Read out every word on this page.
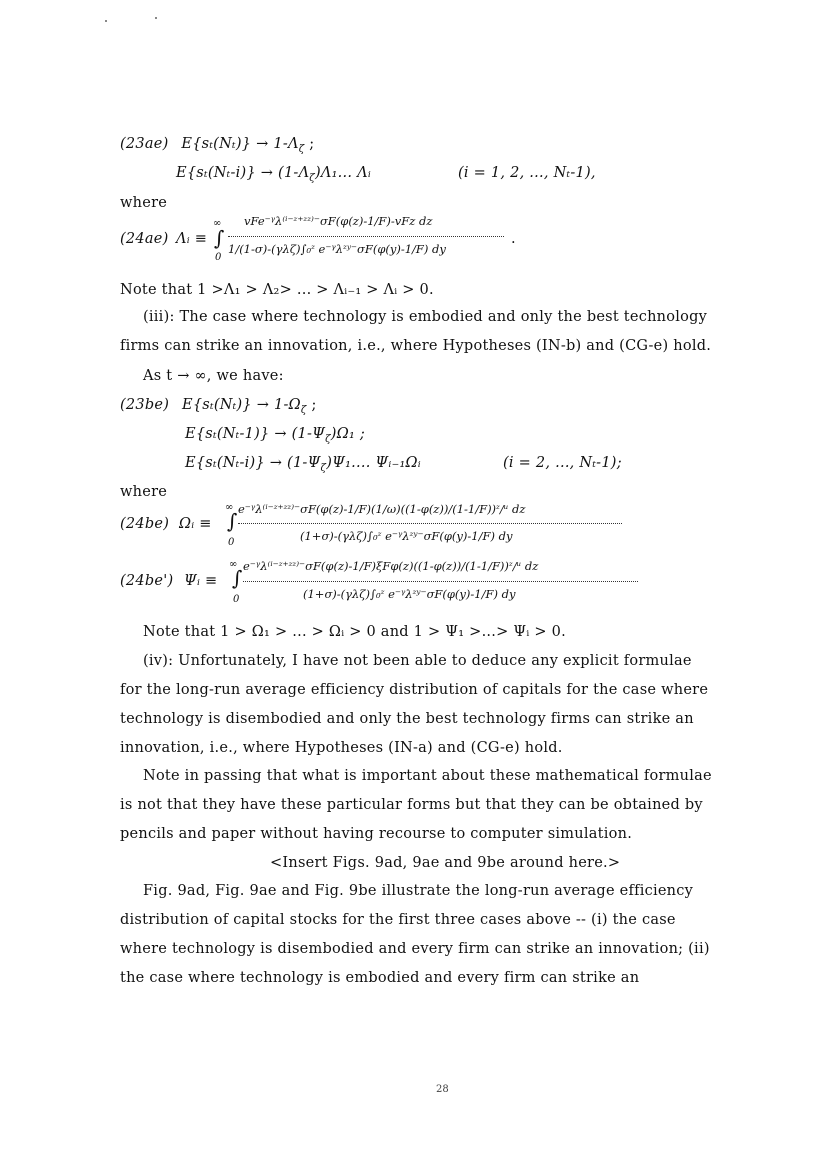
(23ae) $E\{s_t(N_t)\} \to 1-\Lambda_\zeta$ ;
$E\{s_t(N_t-i)\} \to (1-\Lambda_\zeta)\Lambda_1$... Λᵢ	(i = 1, 2, ..., Nₜ-1),
where
(24ae) Λᵢ ≡ ∫
∞
0
vFe⁻ᵞλ⁽ⁱ⁻ᶻ⁺ᶻᶻ⁾⁻σF(φ(z)-1/F)-vFz dz
1/(1-σ)-(γλζ)∫₀ᶻ e⁻ᵞλᶻʸ⁻σF(φ(y)-1/F) dy
.
Note that 1 >Λ₁ > Λ₂> ... > Λᵢ₋₁ > Λᵢ > 0.
(iii): The case where technology is embodied and only the best technology
firms can strike an innovation, i.e., where Hypotheses (IN-b) and (CG-e) hold.
As t → ∞, we have:
(23be) $E\{s_t(N_t)\} \to 1-\Omega_\zeta$ ;
$E\{s_t(N_t-1)\} \to (1-\Psi_\zeta)\Omega_1$ ;
$E\{s_t(N_t-i)\} \to (1-\Psi_\zeta)\Psi_1$.... Ψᵢ₋₁Ωᵢ	(i = 2, ..., Nₜ-1);
where
(24be) Ωᵢ ≡ ∫
∞
0
e⁻ᵞλ⁽ⁱ⁻ᶻ⁺ᶻᶻ⁾⁻σF(φ(z)-1/F)(1/ω)((1-φ(z))/(1-1/F))ᶻ/ᵘ dz
(1+σ)-(γλζ)∫₀ᶻ e⁻ᵞλᶻʸ⁻σF(φ(y)-1/F) dy
(24be') Ψᵢ ≡ ∫
∞
0
e⁻ᵞλ⁽ⁱ⁻ᶻ⁺ᶻᶻ⁾⁻σF(φ(z)-1/F)ξFφ(z)((1-φ(z))/(1-1/F))ᶻ/ᵘ dz
(1+σ)-(γλζ)∫₀ᶻ e⁻ᵞλᶻʸ⁻σF(φ(y)-1/F) dy
Note that 1 > Ω₁ > ... > Ωᵢ > 0 and 1 > Ψ₁ >...> Ψᵢ > 0.
(iv): Unfortunately, I have not been able to deduce any explicit formulae
for the long-run average efficiency distribution of capitals for the case where
technology is disembodied and only the best technology firms can strike an
innovation, i.e., where Hypotheses (IN-a) and (CG-e) hold.
Note in passing that what is important about these mathematical formulae
is not that they have these particular forms but that they can be obtained by
pencils and paper without having recourse to computer simulation.
<Insert Figs. 9ad, 9ae and 9be around here.>
Fig. 9ad, Fig. 9ae and Fig. 9be illustrate the long-run average efficiency
distribution of capital stocks for the first three cases above -- (i) the case
where technology is disembodied and every firm can strike an innovation; (ii)
the case where technology is embodied and every firm can strike an
28
